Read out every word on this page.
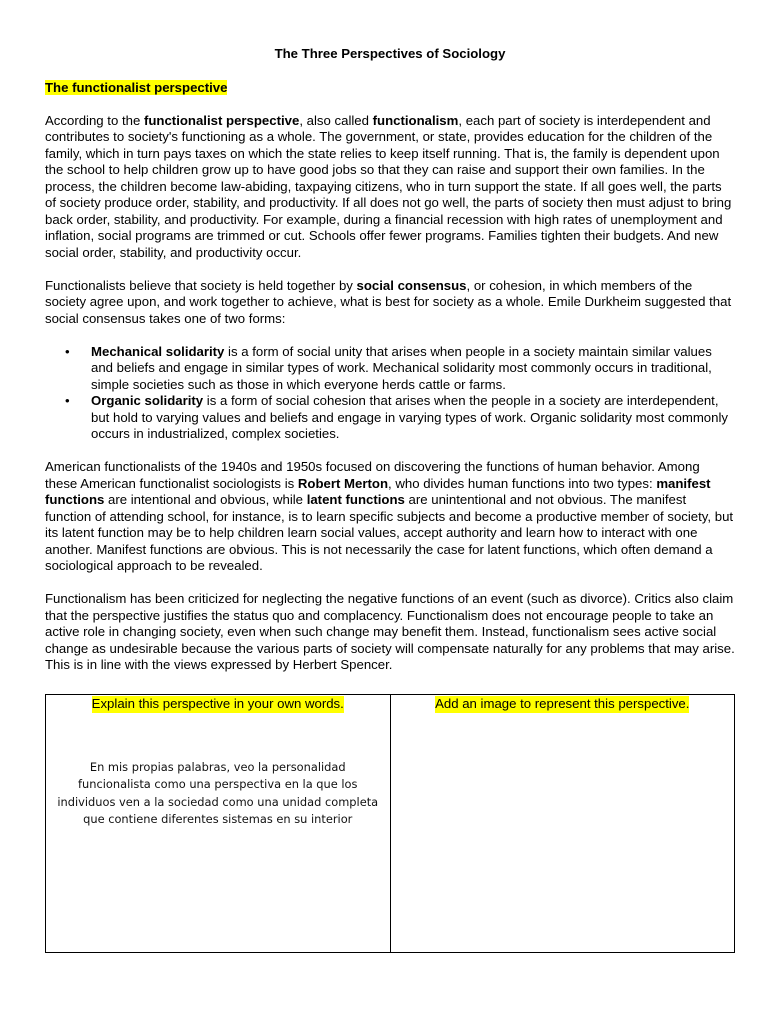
The Three Perspectives of Sociology

The functionalist perspective

According to the functionalist perspective, also called functionalism, each part of society is interdependent and contributes to society's functioning as a whole. The government, or state, provides education for the children of the family, which in turn pays taxes on which the state relies to keep itself running. That is, the family is dependent upon the school to help children grow up to have good jobs so that they can raise and support their own families. In the process, the children become law-abiding, taxpaying citizens, who in turn support the state. If all goes well, the parts of society produce order, stability, and productivity. If all does not go well, the parts of society then must adjust to bring back order, stability, and productivity. For example, during a financial recession with high rates of unemployment and inflation, social programs are trimmed or cut. Schools offer fewer programs. Families tighten their budgets. And new social order, stability, and productivity occur.

Functionalists believe that society is held together by social consensus, or cohesion, in which members of the society agree upon, and work together to achieve, what is best for society as a whole. Emile Durkheim suggested that social consensus takes one of two forms:

• Mechanical solidarity is a form of social unity that arises when people in a society maintain similar values and beliefs and engage in similar types of work. Mechanical solidarity most commonly occurs in traditional, simple societies such as those in which everyone herds cattle or farms.
• Organic solidarity is a form of social cohesion that arises when the people in a society are interdependent, but hold to varying values and beliefs and engage in varying types of work. Organic solidarity most commonly occurs in industrialized, complex societies.

American functionalists of the 1940s and 1950s focused on discovering the functions of human behavior. Among these American functionalist sociologists is Robert Merton, who divides human functions into two types: manifest functions are intentional and obvious, while latent functions are unintentional and not obvious. The manifest function of attending school, for instance, is to learn specific subjects and become a productive member of society, but its latent function may be to help children learn social values, accept authority and learn how to interact with one another. Manifest functions are obvious. This is not necessarily the case for latent functions, which often demand a sociological approach to be revealed.

Functionalism has been criticized for neglecting the negative functions of an event (such as divorce). Critics also claim that the perspective justifies the status quo and complacency. Functionalism does not encourage people to take an active role in changing society, even when such change may benefit them. Instead, functionalism sees active social change as undesirable because the various parts of society will compensate naturally for any problems that may arise. This is in line with the views expressed by Herbert Spencer.

Explain this perspective in your own words.
En mis propias palabras, veo la personalidad funcionalista como una perspectiva en la que los individuos ven a la sociedad como una unidad completa que contiene diferentes sistemas en su interior
	Add an image to represent this perspective.
